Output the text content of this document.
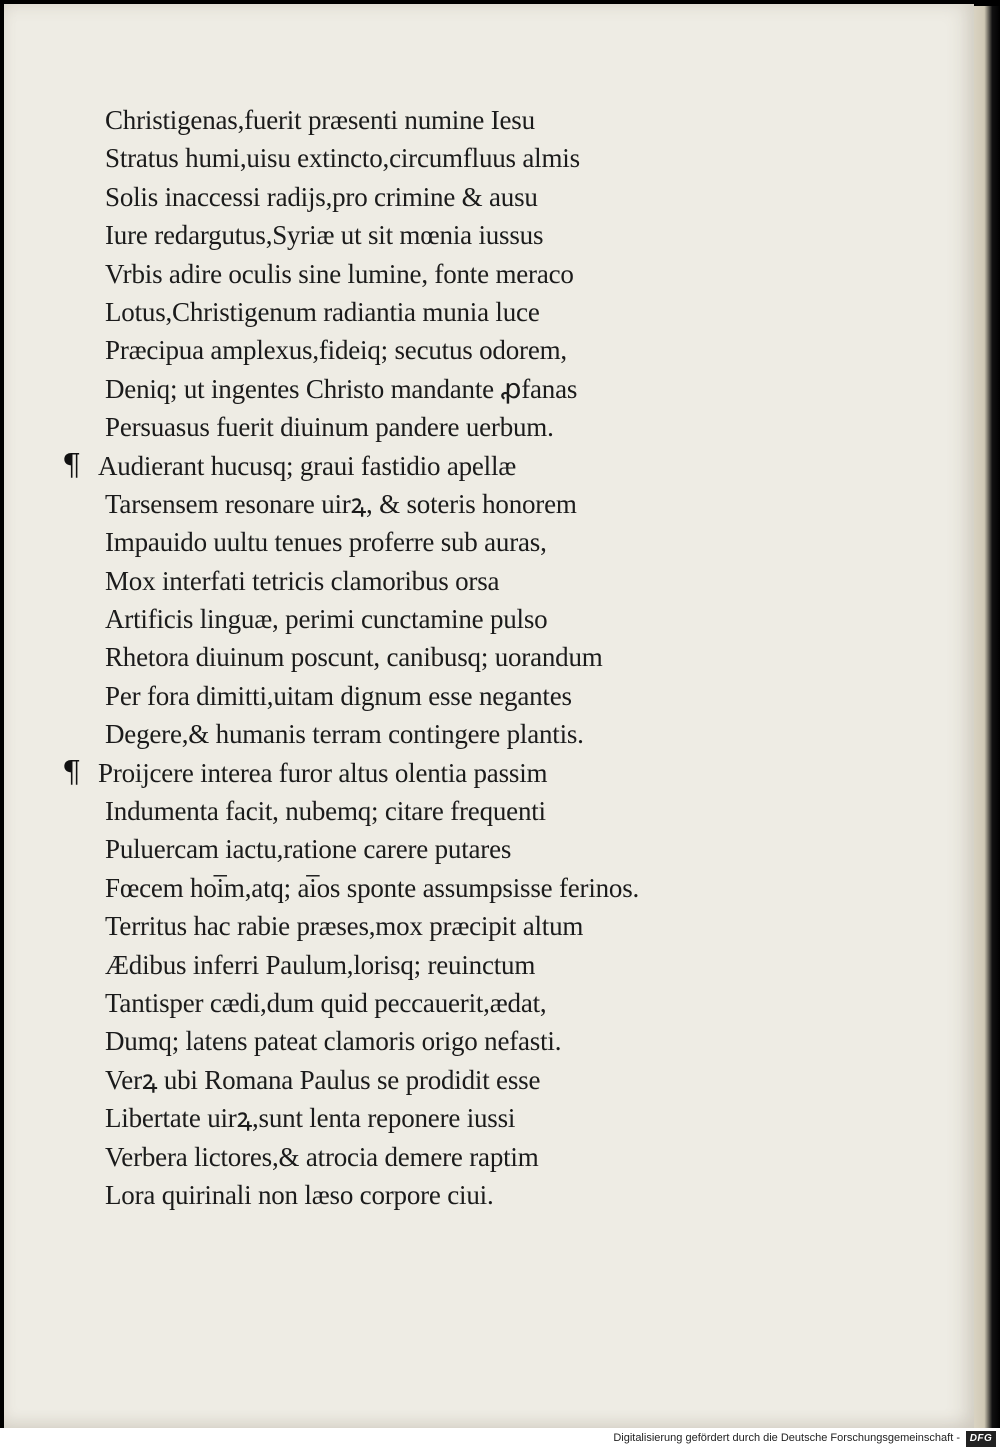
Christigenas,fuerit præsenti numine Iesu
Stratus humi,uisu extincto,circumfluus almis
Solis inaccessi radijs,pro crimine & ausu
Iure redargutus,Syriæ ut sit mœnia iussus
Vrbis adire oculis sine lumine, fonte meraco
Lotus,Christigenum radiantia munia luce
Præcipua amplexus,fideiq; secutus odorem,
Deniq; ut ingentes Christo mandante ꝓfanas
Persuasus fuerit diuinum pandere uerbum.
¶ Audierant hucusq; graui fastidio apellæ
Tarsensem resonare uirꝝ, & soteris honorem
Impauido uultu tenues proferre sub auras,
Mox interfati tetricis clamoribus orsa
Artificis linguæ, perimi cunctamine pulso
Rhetora diuinum poscunt, canibusq; uorandum
Per fora dimitti,uitam dignum esse negantes
Degere,& humanis terram contingere plantis.
¶ Proijcere interea furor altus olentia passim
Indumenta facit, nubemq; citare frequenti
Puluercam iactu,ratione carere putares
Fœcem hoi̅m,atq; ai̅os sponte assumpsisse ferinos.
Territus hac rabie præses,mox præcipit altum
Ædibus inferri Paulum,lorisq; reuinctum
Tantisper cædi,dum quid peccauerit,ædat,
Dumq; latens pateat clamoris origo nefasti.
Verꝝ ubi Romana Paulus se prodidit esse
Libertate uirꝝ,sunt lenta reponere iussi
Verbera lictores,& atrocia demere raptim
Lora quirinali non læso corpore ciui.
Digitalisierung gefördert durch die Deutsche Forschungsgemeinschaft - DFG
